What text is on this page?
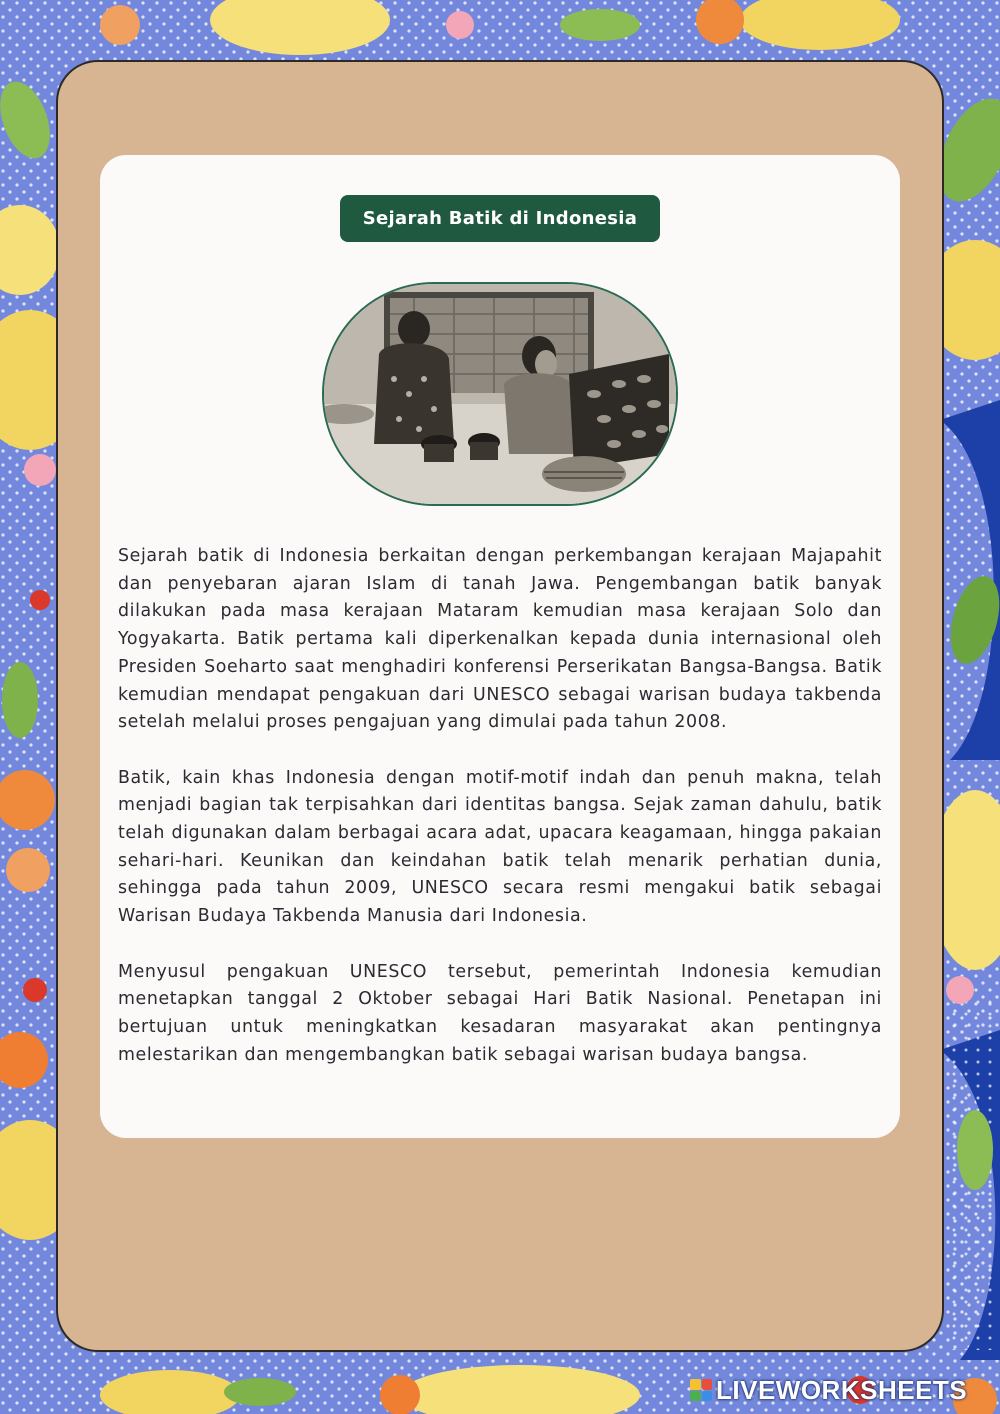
Sejarah Batik di Indonesia

Sejarah batik di Indonesia berkaitan dengan perkembangan kerajaan Majapahit dan penyebaran ajaran Islam di tanah Jawa. Pengembangan batik banyak dilakukan pada masa kerajaan Mataram kemudian masa kerajaan Solo dan Yogyakarta. Batik pertama kali diperkenalkan kepada dunia internasional oleh Presiden Soeharto saat menghadiri konferensi Perserikatan Bangsa-Bangsa. Batik kemudian mendapat pengakuan dari UNESCO sebagai warisan budaya takbenda setelah melalui proses pengajuan yang dimulai pada tahun 2008.

Batik, kain khas Indonesia dengan motif-motif indah dan penuh makna, telah menjadi bagian tak terpisahkan dari identitas bangsa. Sejak zaman dahulu, batik telah digunakan dalam berbagai acara adat, upacara keagamaan, hingga pakaian sehari-hari. Keunikan dan keindahan batik telah menarik perhatian dunia, sehingga pada tahun 2009, UNESCO secara resmi mengakui batik sebagai Warisan Budaya Takbenda Manusia dari Indonesia.

Menyusul pengakuan UNESCO tersebut, pemerintah Indonesia kemudian menetapkan tanggal 2 Oktober sebagai Hari Batik Nasional. Penetapan ini bertujuan untuk meningkatkan kesadaran masyarakat akan pentingnya melestarikan dan mengembangkan batik sebagai warisan budaya bangsa.

LIVEWORKSHEETS
